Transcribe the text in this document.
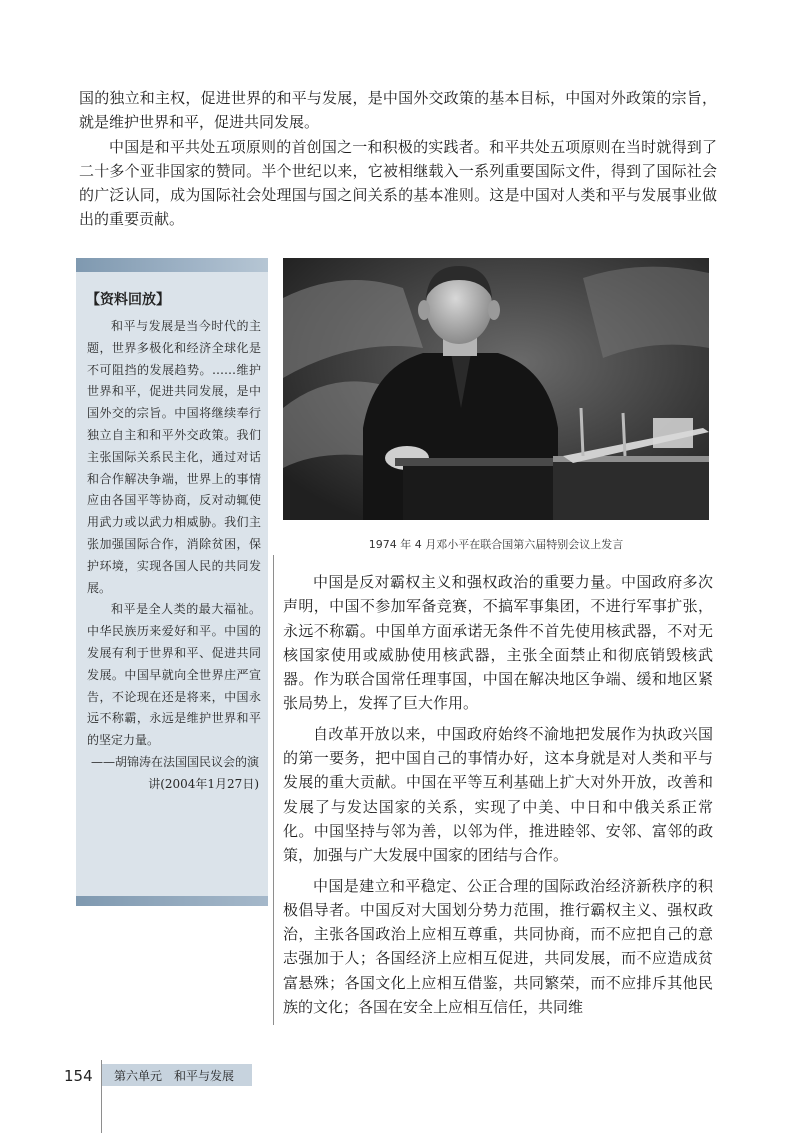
国的独立和主权，促进世界的和平与发展，是中国外交政策的基本目标，中国对外政策的宗旨，就是维护世界和平，促进共同发展。

中国是和平共处五项原则的首创国之一和积极的实践者。和平共处五项原则在当时就得到了二十多个亚非国家的赞同。半个世纪以来，它被相继载入一系列重要国际文件，得到了国际社会的广泛认同，成为国际社会处理国与国之间关系的基本准则。这是中国对人类和平与发展事业做出的重要贡献。

【资料回放】

和平与发展是当今时代的主题，世界多极化和经济全球化是不可阻挡的发展趋势。……维护世界和平，促进共同发展，是中国外交的宗旨。中国将继续奉行独立自主和和平外交政策。我们主张国际关系民主化，通过对话和合作解决争端，世界上的事情应由各国平等协商，反对动辄使用武力或以武力相威胁。我们主张加强国际合作，消除贫困，保护环境，实现各国人民的共同发展。

和平是全人类的最大福祉。中华民族历来爱好和平。中国的发展有利于世界和平、促进共同发展。中国早就向全世界庄严宣告，不论现在还是将来，中国永远不称霸，永远是维护世界和平的坚定力量。

——胡锦涛在法国国民议会的演讲(2004年1月27日)

1974 年 4 月邓小平在联合国第六届特别会议上发言

中国是反对霸权主义和强权政治的重要力量。中国政府多次声明，中国不参加军备竞赛，不搞军事集团，不进行军事扩张，永远不称霸。中国单方面承诺无条件不首先使用核武器，不对无核国家使用或威胁使用核武器，主张全面禁止和彻底销毁核武器。作为联合国常任理事国，中国在解决地区争端、缓和地区紧张局势上，发挥了巨大作用。

自改革开放以来，中国政府始终不渝地把发展作为执政兴国的第一要务，把中国自己的事情办好，这本身就是对人类和平与发展的重大贡献。中国在平等互利基础上扩大对外开放，改善和发展了与发达国家的关系，实现了中美、中日和中俄关系正常化。中国坚持与邻为善，以邻为伴，推进睦邻、安邻、富邻的政策，加强与广大发展中国家的团结与合作。

中国是建立和平稳定、公正合理的国际政治经济新秩序的积极倡导者。中国反对大国划分势力范围，推行霸权主义、强权政治，主张各国政治上应相互尊重，共同协商，而不应把自己的意志强加于人；各国经济上应相互促进，共同发展，而不应造成贫富悬殊；各国文化上应相互借鉴，共同繁荣，而不应排斥其他民族的文化；各国在安全上应相互信任，共同维

154 第六单元　和平与发展
